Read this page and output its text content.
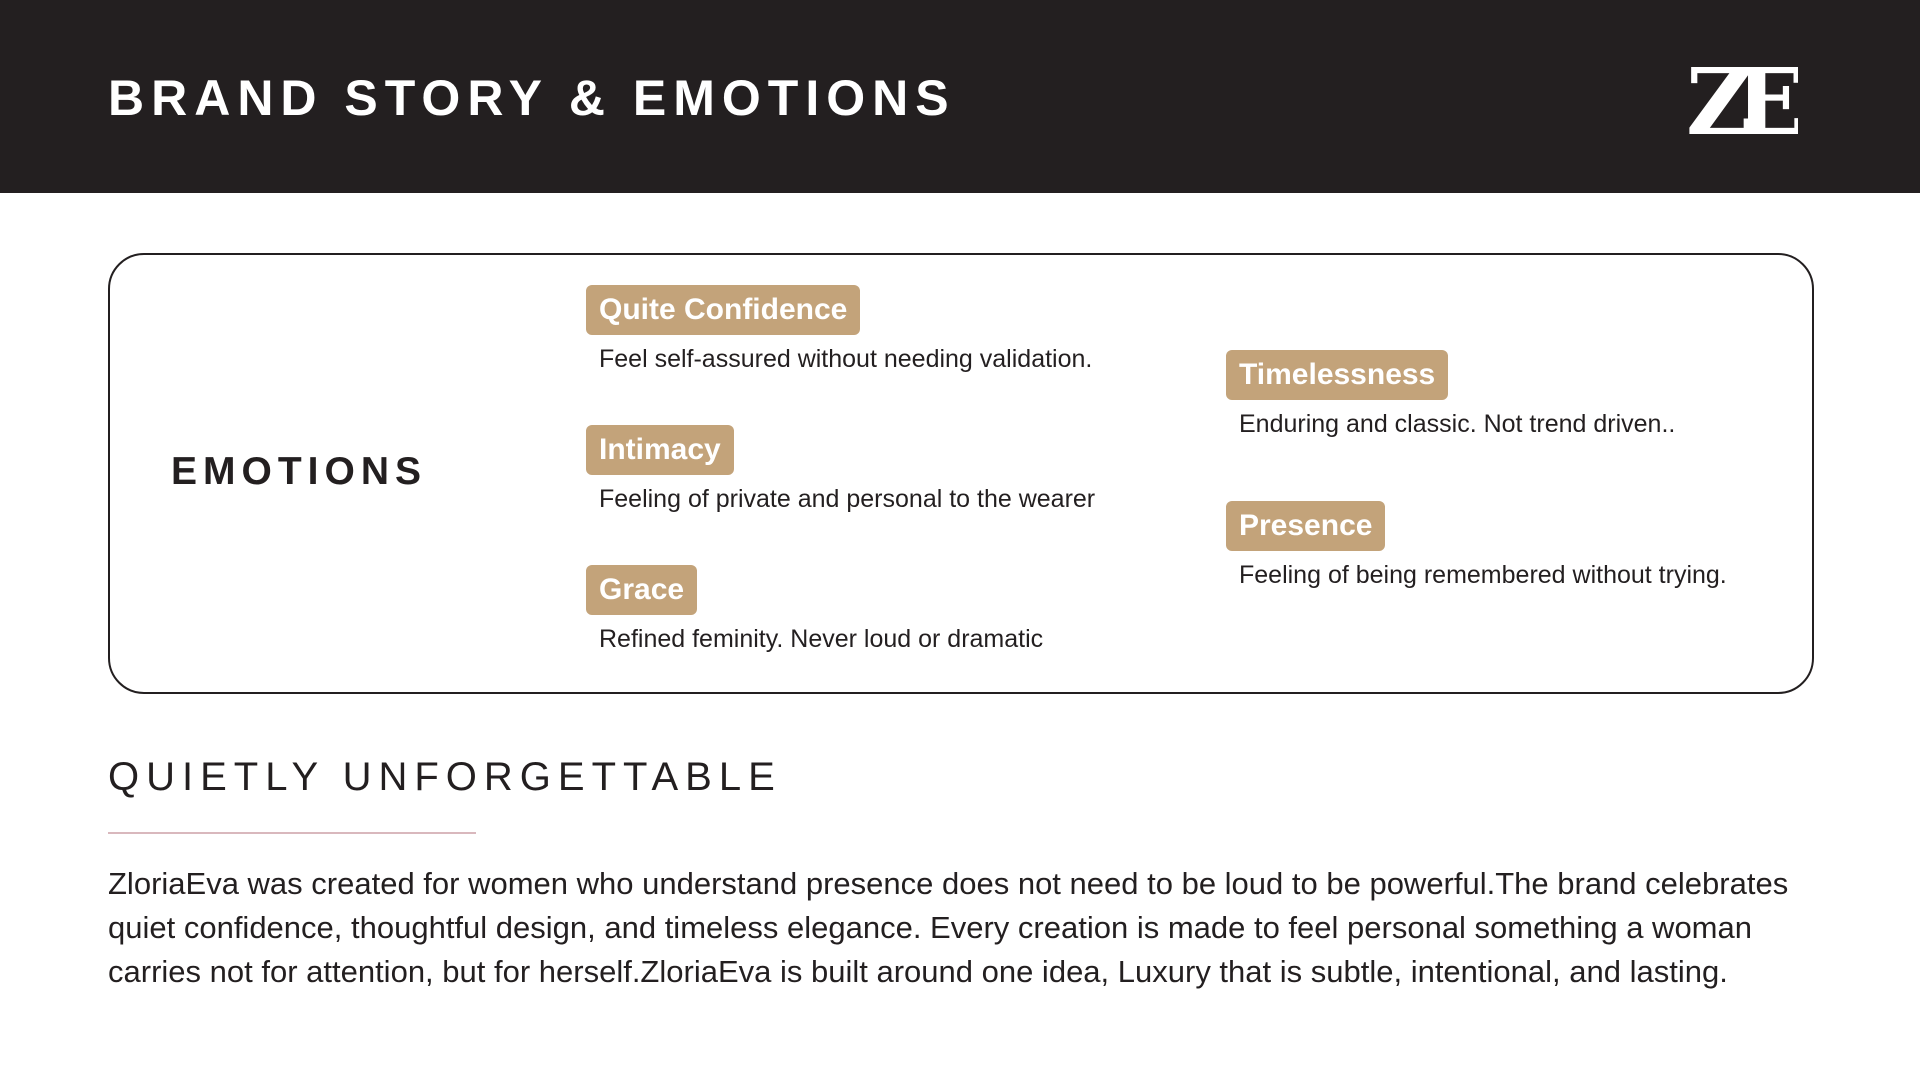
BRAND STORY & EMOTIONS	ZE
EMOTIONS
Quite Confidence
Feel self-assured without needing validation.
Intimacy
Feeling of private and personal to the wearer
Grace
Refined feminity. Never loud or dramatic
Timelessness
Enduring and classic. Not trend driven..
Presence
Feeling of being remembered without trying.
QUIETLY UNFORGETTABLE
ZloriaEva was created for women who understand presence does not need to be loud to be powerful.The brand celebrates quiet confidence, thoughtful design, and timeless elegance. Every creation is made to feel personal something a woman carries not for attention, but for herself.ZloriaEva is built around one idea, Luxury that is subtle, intentional, and lasting.
